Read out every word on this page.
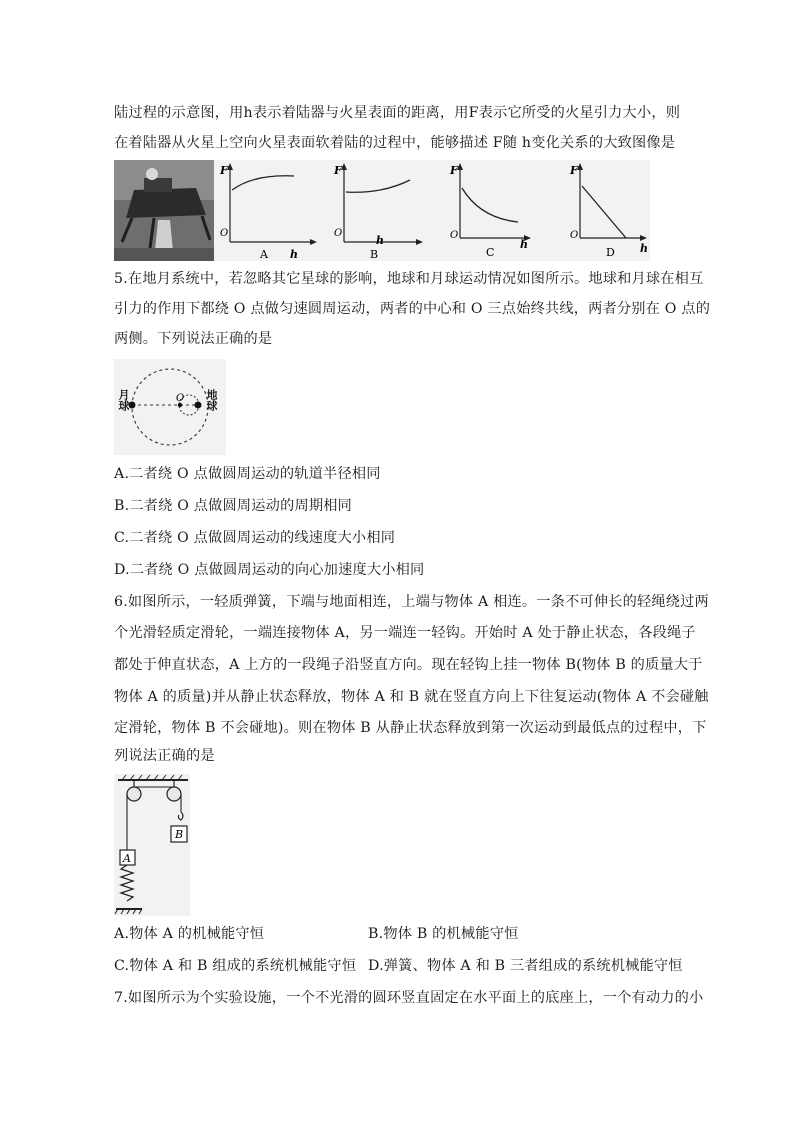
陆过程的示意图，用h表示着陆器与火星表面的距离，用F表示它所受的火星引力大小，则
在着陆器从火星上空向火星表面软着陆的过程中，能够描述 F随 h变化关系的大致图像是
F
h
O
A
F
h
O
B
F
h
O
C
F
h
O
D
5.在地月系统中，若忽略其它星球的影响，地球和月球运动情况如图所示。地球和月球在相互
引力的作用下都绕 O 点做匀速圆周运动，两者的中心和 O 三点始终共线，两者分别在 O 点的
两侧。下列说法正确的是
O
月球	地球
A.二者绕 O 点做圆周运动的轨道半径相同
B.二者绕 O 点做圆周运动的周期相同
C.二者绕 O 点做圆周运动的线速度大小相同
D.二者绕 O 点做圆周运动的向心加速度大小相同
6.如图所示，一轻质弹簧，下端与地面相连，上端与物体 A 相连。一条不可伸长的轻绳绕过两
个光滑轻质定滑轮，一端连接物体 A，另一端连一轻钩。开始时 A 处于静止状态，各段绳子
都处于伸直状态，A 上方的一段绳子沿竖直方向。现在轻钩上挂一物体 B(物体 B 的质量大于
物体 A 的质量)并从静止状态释放，物体 A 和 B 就在竖直方向上下往复运动(物体 A 不会碰触
定滑轮，物体 B 不会碰地)。则在物体 B 从静止状态释放到第一次运动到最低点的过程中，下
列说法正确的是
B
A
A.物体 A 的机械能守恒	B.物体 B 的机械能守恒
C.物体 A 和 B 组成的系统机械能守恒 D.弹簧、物体 A 和 B 三者组成的系统机械能守恒
7.如图所示为个实验设施，一个不光滑的圆环竖直固定在水平面上的底座上，一个有动力的小
